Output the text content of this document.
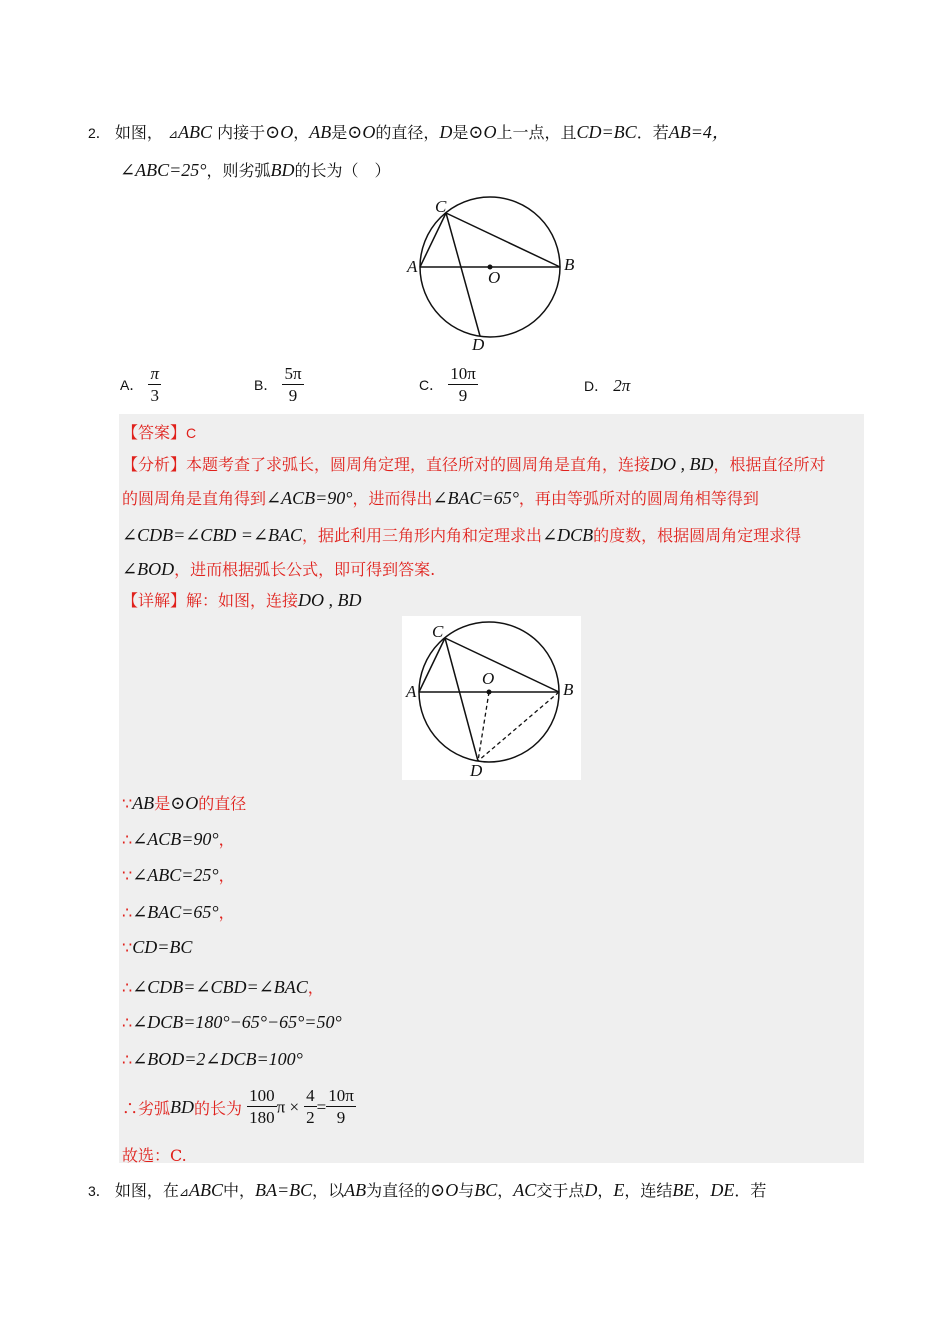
2． 如图， ⊿ABC 内接于⊙O，AB是⊙O的直径，D是⊙O上一点，且CD=BC．若AB=4，
∠ABC=25°，则劣弧BD的长为（　）
C
A	B
O
D
A． $\frac{\pi}{3}$	B． $\frac{5\pi}{9}$	C． $\frac{10\pi}{9}$	D． 2π
【答案】C
【分析】本题考查了求弧长，圆周角定理，直径所对的圆周角是直角，连接DO , BD，根据直径所对
的圆周角是直角得到∠ACB=90°，进而得出∠BAC=65°，再由等弧所对的圆周角相等得到
∠CDB=∠CBD =∠BAC，据此利用三角形内角和定理求出∠DCB的度数，根据圆周角定理求得
∠BOD，进而根据弧长公式，即可得到答案.
【详解】解：如图，连接DO , BD
C
A	B
O
D
∵AB是⊙O的直径
∴∠ACB=90°，
∵∠ABC=25°，
∴∠BAC=65°，
∵CD=BC
∴∠CDB=∠CBD=∠BAC，
∴∠DCB=180°−65°−65°=50°
∴∠BOD=2∠DCB=100°
∴劣弧BD的长为 $\frac{100}{180}$ $\pi \times \frac{4}{2} = \frac{10\pi}{9}$
故选：C.
3． 如图，在⊿ABC中，BA=BC，以AB为直径的⊙O与BC，AC交于点D，E，连结BE，DE．若
